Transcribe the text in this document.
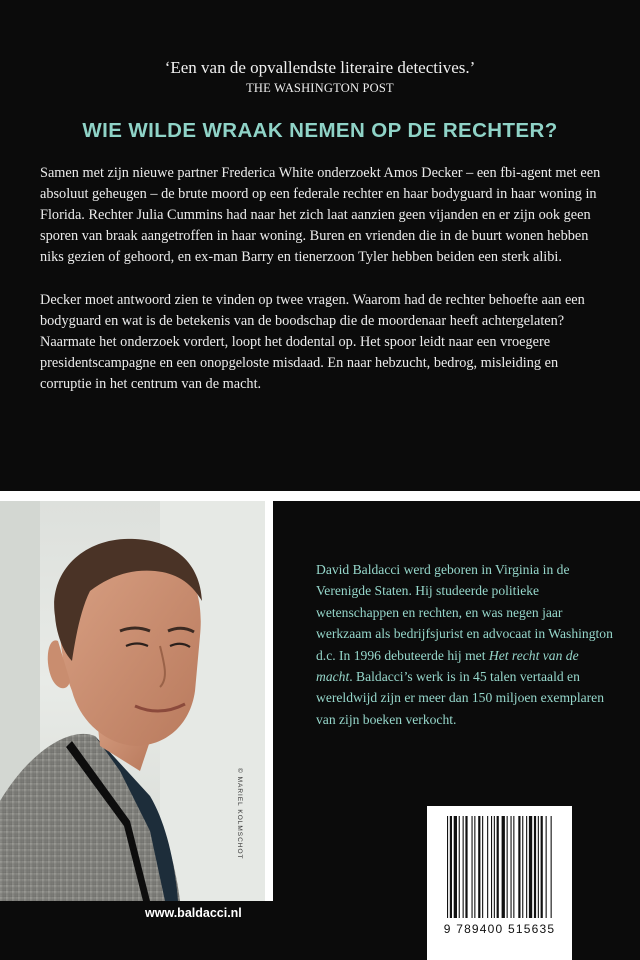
‘Een van de opvallendste literaire detectives.’

THE WASHINGTON POST

WIE WILDE WRAAK NEMEN OP DE RECHTER?

Samen met zijn nieuwe partner Frederica White onderzoekt Amos Decker – een fbi-agent met een absoluut geheugen – de brute moord op een federale rechter en haar bodyguard in haar woning in Florida. Rechter Julia Cummins had naar het zich laat aanzien geen vijanden en er zijn ook geen sporen van braak aangetroffen in haar woning. Buren en vrienden die in de buurt wonen hebben niks gezien of gehoord, en ex-man Barry en tienerzoon Tyler hebben beiden een sterk alibi.

Decker moet antwoord zien te vinden op twee vragen. Waarom had de rechter behoefte aan een bodyguard en wat is de betekenis van de boodschap die de moordenaar heeft achtergelaten? Naarmate het onderzoek vordert, loopt het dodental op. Het spoor leidt naar een vroegere presidentscampagne en een onopgeloste misdaad. En naar hebzucht, bedrog, misleiding en corruptie in het centrum van de macht.

© MARIEL KOLMSCHOT

David Baldacci werd geboren in Virginia in de Verenigde Staten. Hij studeerde politieke wetenschappen en rechten, en was negen jaar werkzaam als bedrijfsjurist en advocaat in Washington d.c. In 1996 debuteerde hij met Het recht van de macht. Baldacci’s werk is in 45 talen vertaald en wereldwijd zijn er meer dan 150 miljoen exemplaren van zijn boeken verkocht.

www.baldacci.nl
9 789400 515635
